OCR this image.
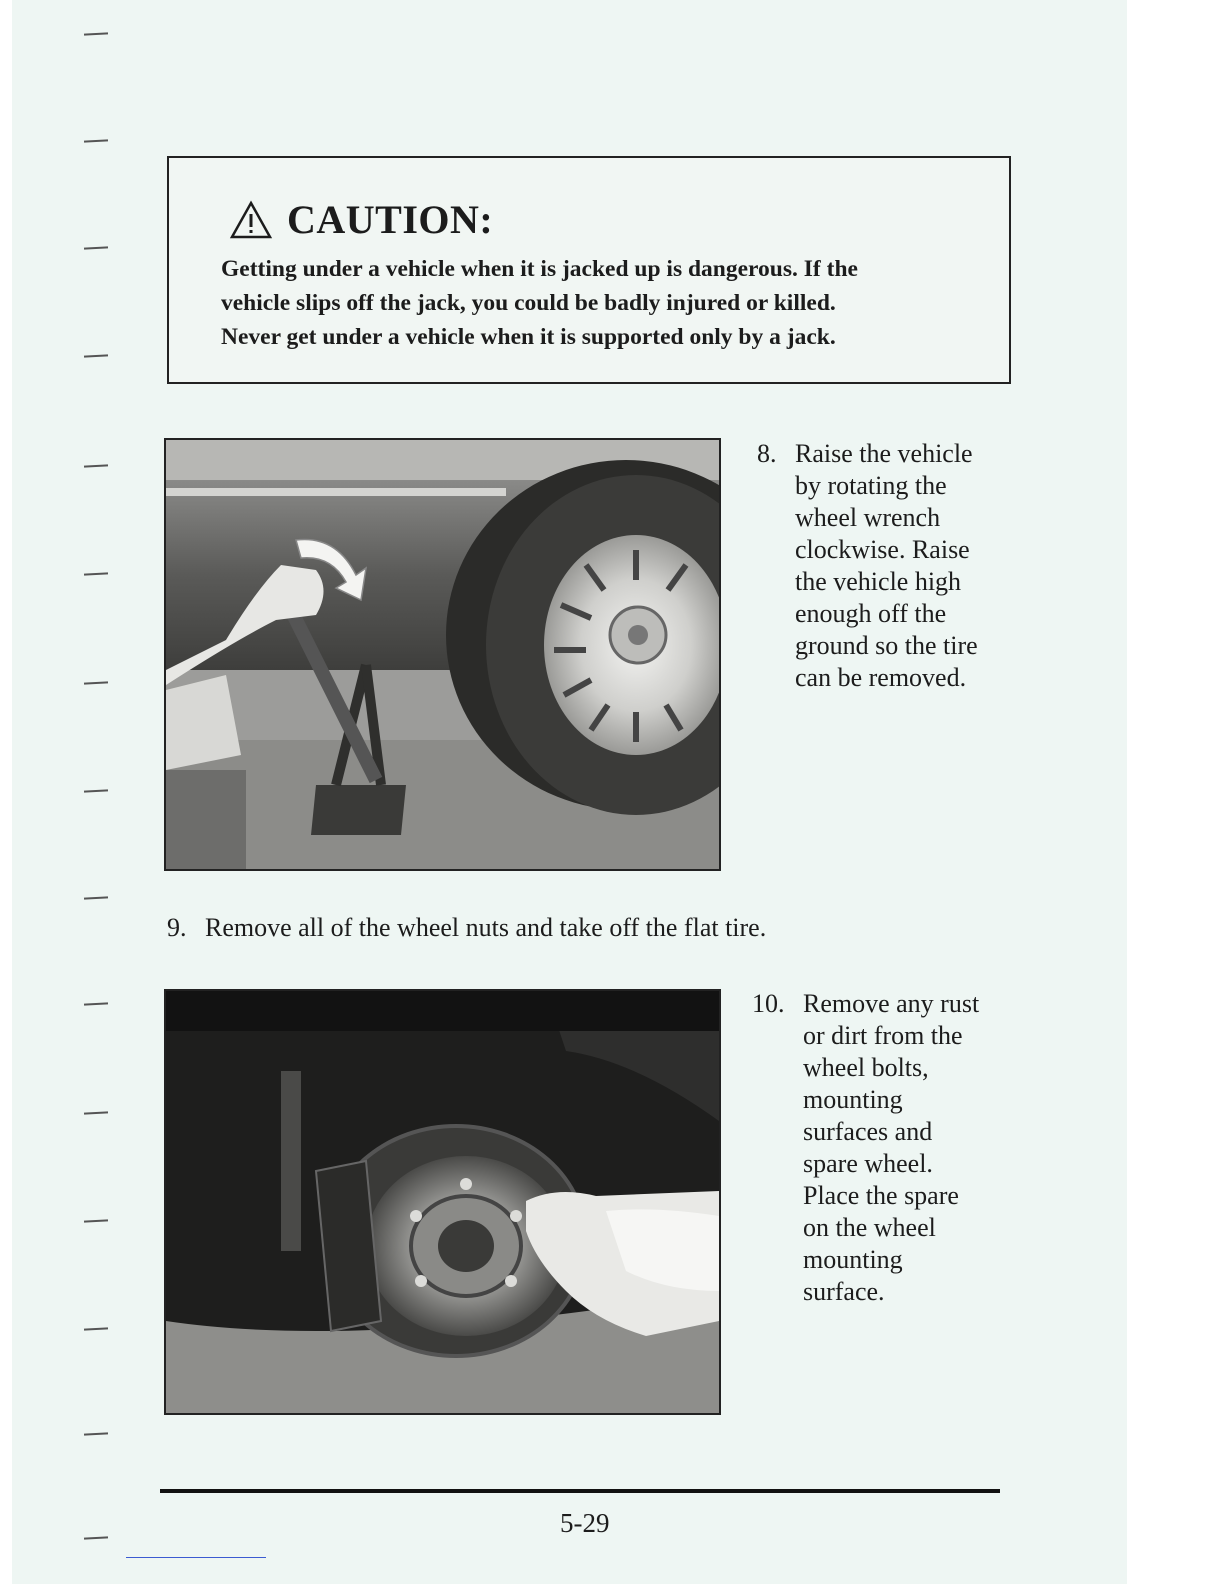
CAUTION:
Getting under a vehicle when it is jacked up is dangerous. If the
vehicle slips off the jack, you could be badly injured or killed.
Never get under a vehicle when it is supported only by a jack.
8. Raise the vehicle
by rotating the
wheel wrench
clockwise. Raise
the vehicle high
enough off the
ground so the tire
can be removed.
9. Remove all of the wheel nuts and take off the flat tire.
10. Remove any rust
or dirt from the
wheel bolts,
mounting
surfaces and
spare wheel.
Place the spare
on the wheel
mounting
surface.
5-29
